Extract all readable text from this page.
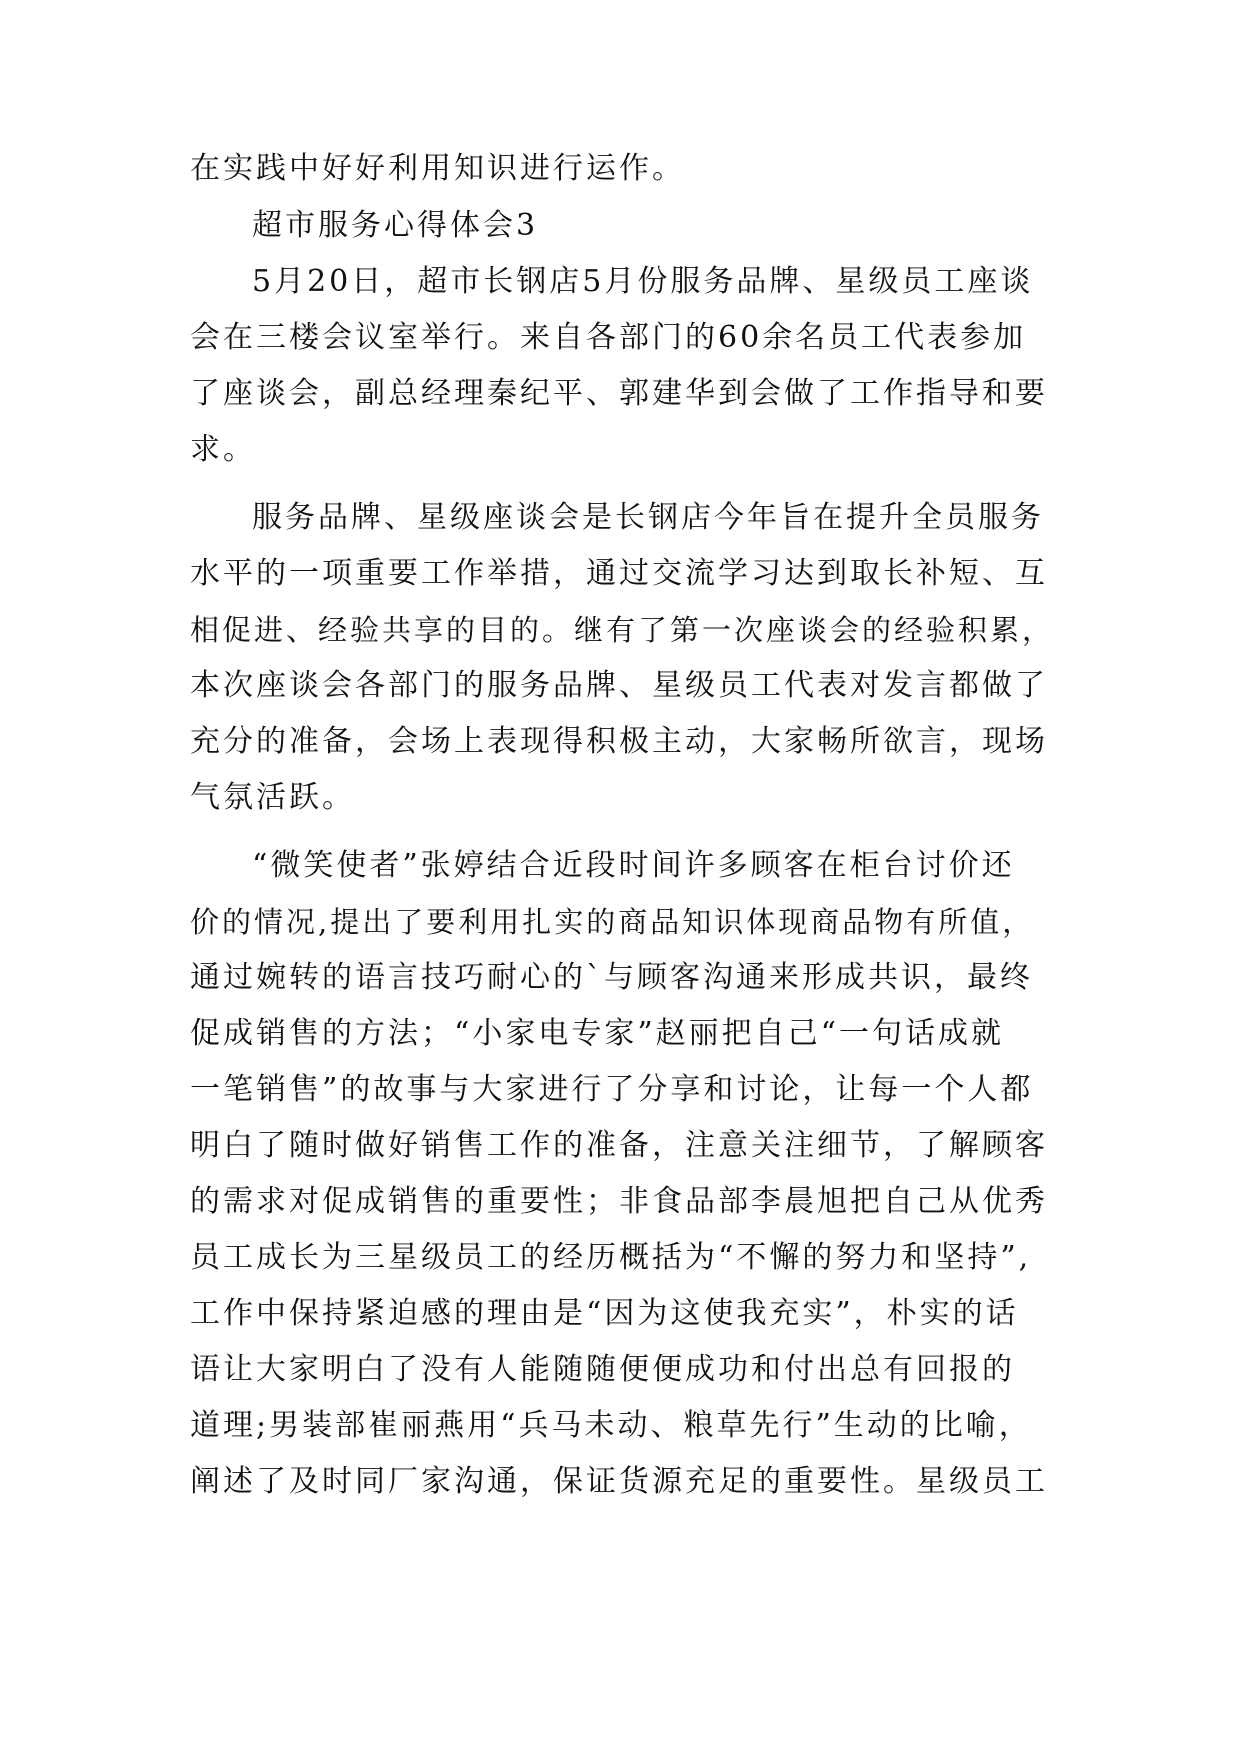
在实践中好好利用知识进行运作。
超市服务心得体会3
5月20日，超市长钢店5月份服务品牌、星级员工座谈
会在三楼会议室举行。来自各部门的60余名员工代表参加
了座谈会，副总经理秦纪平、郭建华到会做了工作指导和要
求。
服务品牌、星级座谈会是长钢店今年旨在提升全员服务
水平的一项重要工作举措，通过交流学习达到取长补短、互
相促进、经验共享的目的。继有了第一次座谈会的经验积累，
本次座谈会各部门的服务品牌、星级员工代表对发言都做了
充分的准备，会场上表现得积极主动，大家畅所欲言，现场
气氛活跃。
“微笑使者”张婷结合近段时间许多顾客在柜台讨价还
价的情况,提出了要利用扎实的商品知识体现商品物有所值，
通过婉转的语言技巧耐心的`与顾客沟通来形成共识，最终
促成销售的方法；“小家电专家”赵丽把自己“一句话成就
一笔销售”的故事与大家进行了分享和讨论，让每一个人都
明白了随时做好销售工作的准备，注意关注细节，了解顾客
的需求对促成销售的重要性；非食品部李晨旭把自己从优秀
员工成长为三星级员工的经历概括为“不懈的努力和坚持”,
工作中保持紧迫感的理由是“因为这使我充实”，朴实的话
语让大家明白了没有人能随随便便成功和付出总有回报的
道理;男装部崔丽燕用“兵马未动、粮草先行”生动的比喻，
阐述了及时同厂家沟通，保证货源充足的重要性。星级员工
